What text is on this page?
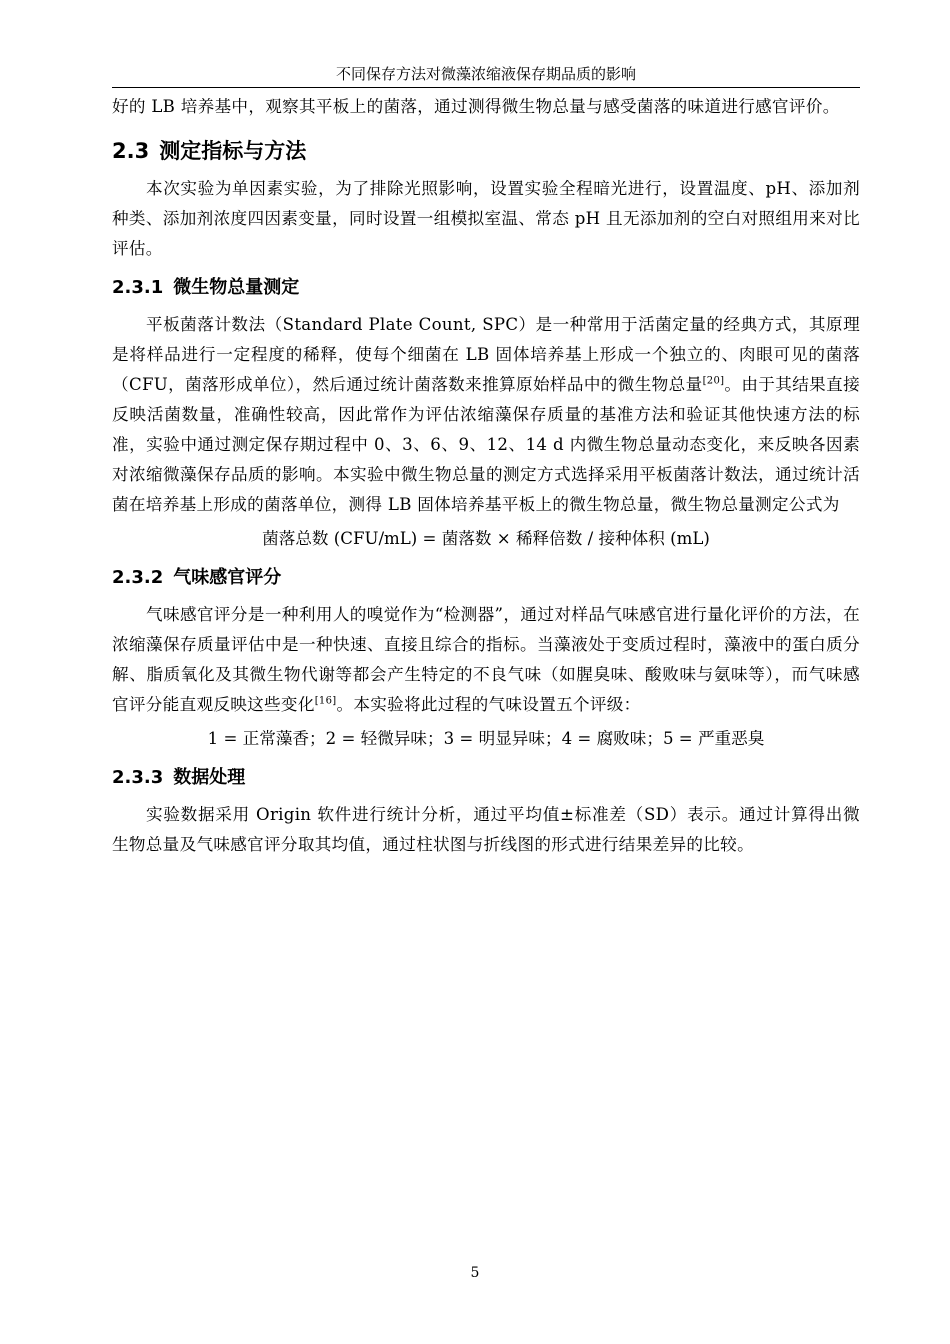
不同保存方法对微藻浓缩液保存期品质的影响

好的 LB 培养基中，观察其平板上的菌落，通过测得微生物总量与感受菌落的味道进行感官评价。

2.3 测定指标与方法

本次实验为单因素实验，为了排除光照影响，设置实验全程暗光进行，设置温度、pH、添加剂种类、添加剂浓度四因素变量，同时设置一组模拟室温、常态 pH 且无添加剂的空白对照组用来对比评估。

2.3.1 微生物总量测定

平板菌落计数法（Standard Plate Count, SPC）是一种常用于活菌定量的经典方式，其原理是将样品进行一定程度的稀释，使每个细菌在 LB 固体培养基上形成一个独立的、肉眼可见的菌落（CFU，菌落形成单位），然后通过统计菌落数来推算原始样品中的微生物总量[20]。由于其结果直接反映活菌数量，准确性较高，因此常作为评估浓缩藻保存质量的基准方法和验证其他快速方法的标准，实验中通过测定保存期过程中 0、3、6、9、12、14 d 内微生物总量动态变化，来反映各因素对浓缩微藻保存品质的影响。本实验中微生物总量的测定方式选择采用平板菌落计数法，通过统计活菌在培养基上形成的菌落单位，测得 LB 固体培养基平板上的微生物总量，微生物总量测定公式为

菌落总数 (CFU/mL) = 菌落数 × 稀释倍数 / 接种体积 (mL)
2.3.2 气味感官评分

气味感官评分是一种利用人的嗅觉作为“检测器”，通过对样品气味感官进行量化评价的方法，在浓缩藻保存质量评估中是一种快速、直接且综合的指标。当藻液处于变质过程时，藻液中的蛋白质分解、脂质氧化及其微生物代谢等都会产生特定的不良气味（如腥臭味、酸败味与氨味等），而气味感官评分能直观反映这些变化[16]。本实验将此过程的气味设置五个评级：

1 = 正常藻香；2 = 轻微异味；3 = 明显异味；4 = 腐败味；5 = 严重恶臭
2.3.3 数据处理

实验数据采用 Origin 软件进行统计分析，通过平均值±标准差（SD）表示。通过计算得出微生物总量及气味感官评分取其均值，通过柱状图与折线图的形式进行结果差异的比较。

5
